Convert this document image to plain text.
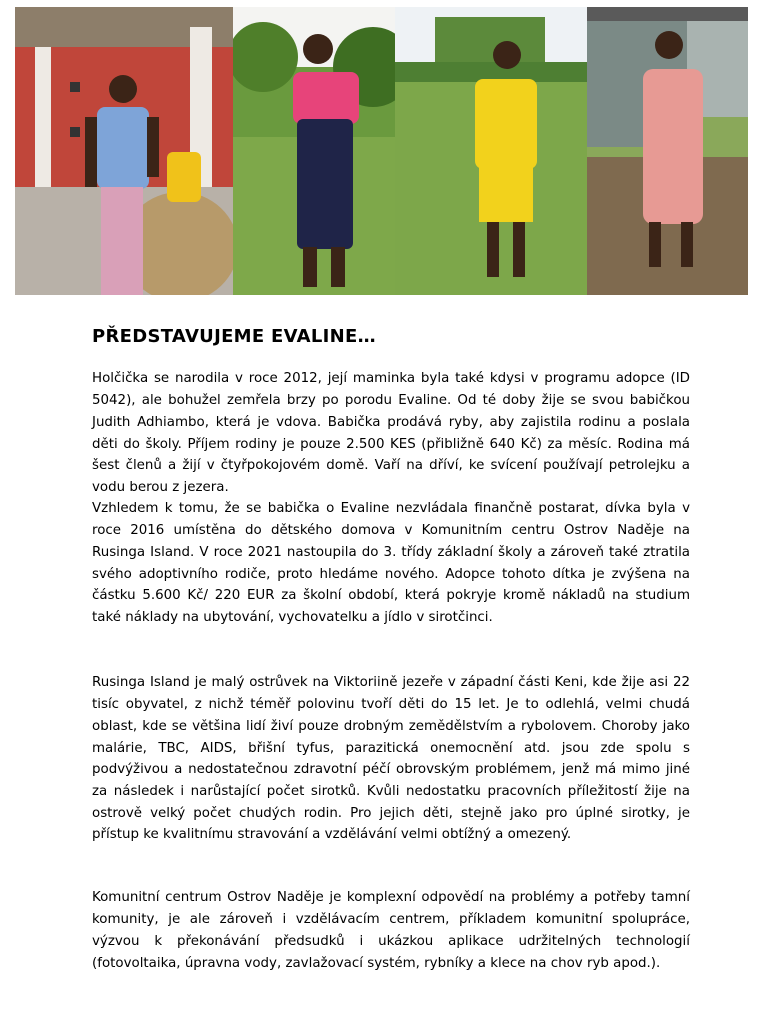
PŘEDSTAVUJEME EVALINE…

Holčička se narodila v roce 2012, její maminka byla také kdysi v programu adopce (ID 5042), ale bohužel zemřela brzy po porodu Evaline. Od té doby žije se svou babičkou Judith Adhiambo, která je vdova. Babička prodává ryby, aby zajistila rodinu a poslala děti do školy. Příjem rodiny je pouze 2.500 KES (přibližně 640 Kč) za měsíc. Rodina má šest členů a žijí v čtyřpokojovém domě. Vaří na dříví, ke svícení používají petrolejku a vodu berou z jezera.

Vzhledem k tomu, že se babička o Evaline nezvládala finančně postarat, dívka byla v roce 2016 umístěna do dětského domova v Komunitním centru Ostrov Naděje na Rusinga Island. V roce 2021 nastoupila do 3. třídy základní školy a zároveň také ztratila svého adoptivního rodiče, proto hledáme nového. Adopce tohoto dítka je zvýšena na částku 5.600 Kč/ 220 EUR za školní období, která pokryje kromě nákladů na studium také náklady na ubytování, vychovatelku a jídlo v sirotčinci.

Rusinga Island je malý ostrůvek na Viktoriině jezeře v západní části Keni, kde žije asi 22 tisíc obyvatel, z nichž téměř polovinu tvoří děti do 15 let. Je to odlehlá, velmi chudá oblast, kde se většina lidí živí pouze drobným zemědělstvím a rybolovem. Choroby jako malárie, TBC, AIDS, břišní tyfus, parazitická onemocnění atd. jsou zde spolu s podvýživou a nedostatečnou zdravotní péčí obrovským problémem, jenž má mimo jiné za následek i narůstající počet sirotků. Kvůli nedostatku pracovních příležitostí žije na ostrově velký počet chudých rodin. Pro jejich děti, stejně jako pro úplné sirotky, je přístup ke kvalitnímu stravování a vzdělávání velmi obtížný a omezený.

Komunitní centrum Ostrov Naděje je komplexní odpovědí na problémy a potřeby tamní komunity, je ale zároveň i vzdělávacím centrem, příkladem komunitní spolupráce, výzvou k překonávání předsudků i ukázkou aplikace udržitelných technologií (fotovoltaika, úpravna vody, zavlažovací systém, rybníky a klece na chov ryb apod.).
